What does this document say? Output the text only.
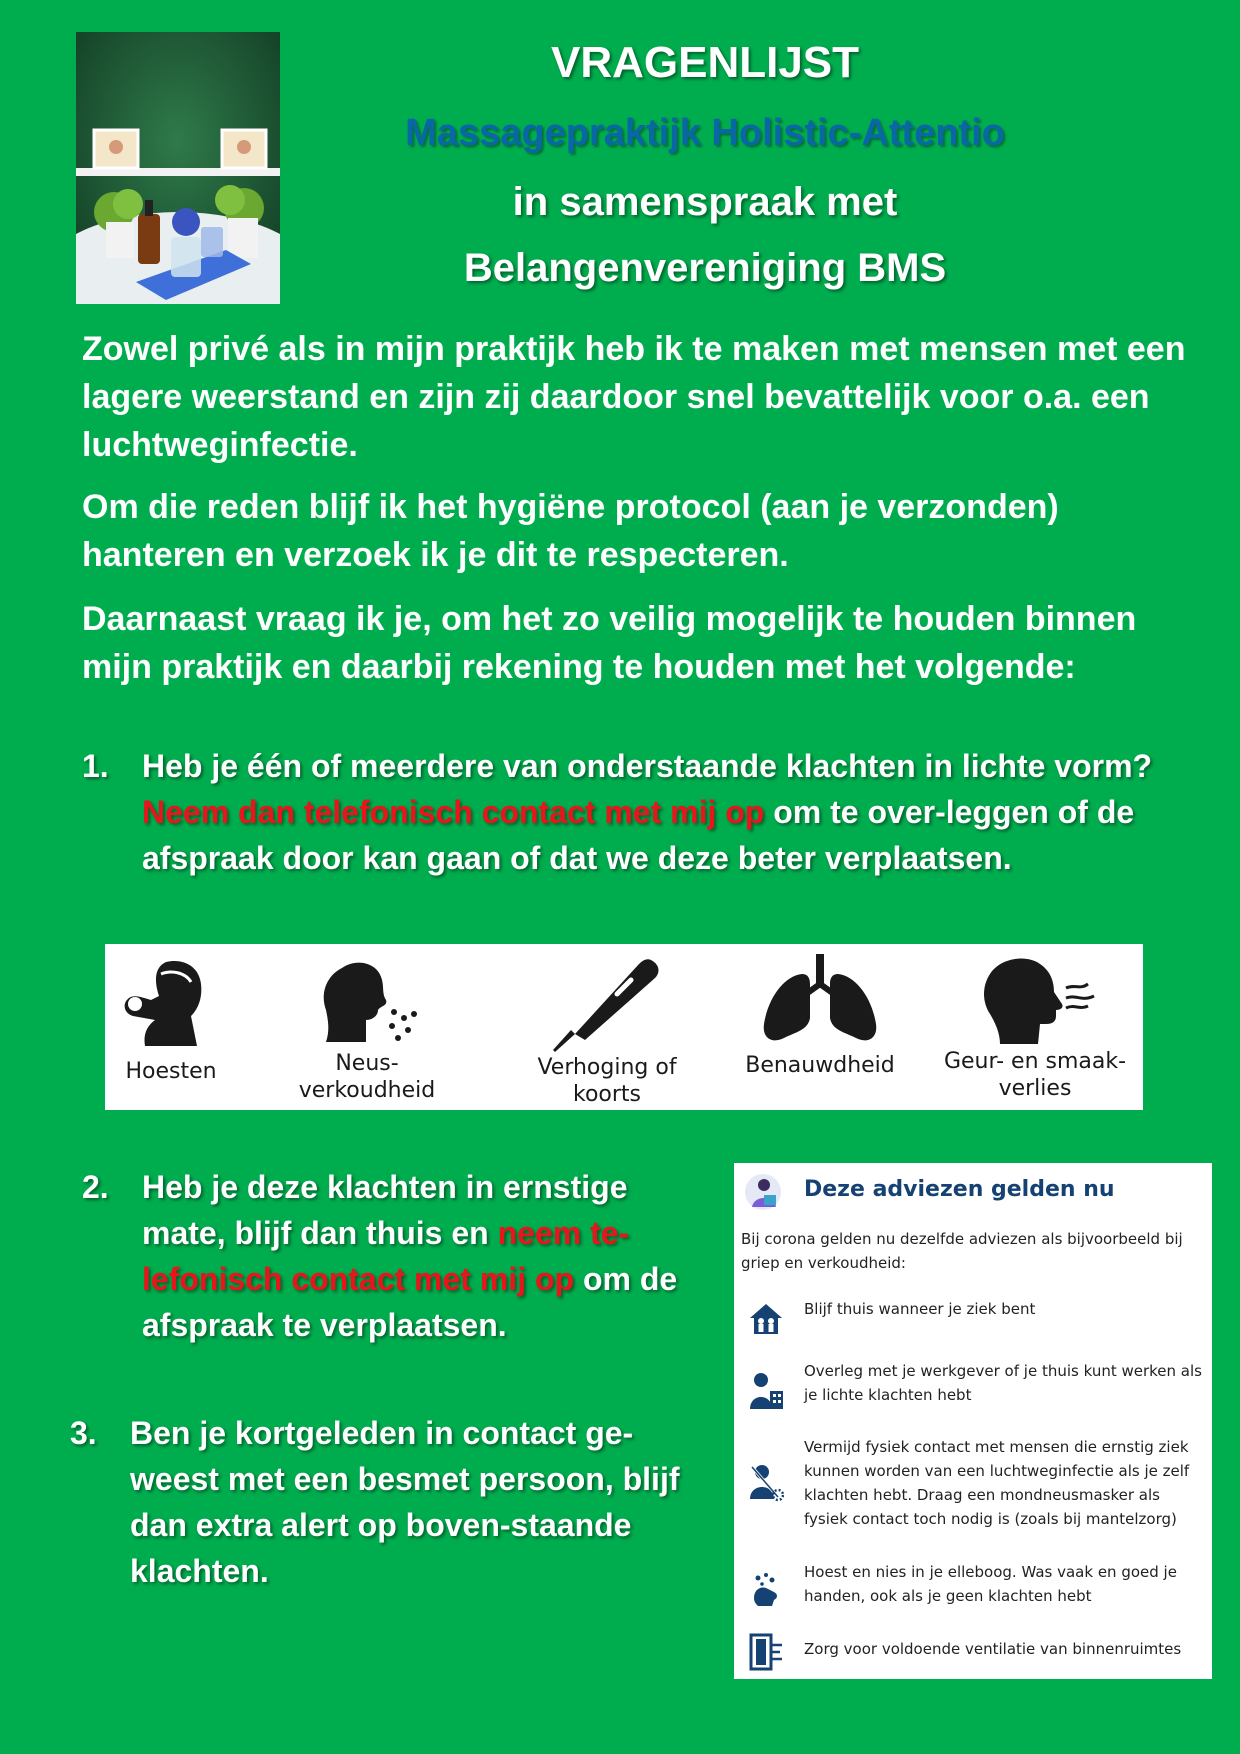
VRAGENLIJST
Massagepraktijk Holistic-Attentio
in samenspraak met
Belangenvereniging BMS
Zowel privé als in mijn praktijk heb ik te maken met mensen met een lagere weerstand en zijn zij daardoor snel bevattelijk voor o.a. een luchtweginfectie.
Om die reden blijf ik het hygiëne protocol (aan je verzonden) hanteren en verzoek ik je dit te respecteren.
Daarnaast vraag ik je, om het zo veilig mogelijk te houden binnen mijn praktijk en daarbij rekening te houden met het volgende:
1. Heb je één of meerdere van onderstaande klachten in lichte vorm? Neem dan telefonisch contact met mij op om te over-leggen of de afspraak door kan gaan of dat we deze beter verplaatsen.
Hoesten	Neus-
verkoudheid
Verhoging of
koorts
Benauwdheid	Geur- en smaak-
verlies
2. Heb je deze klachten in ernstige mate, blijf dan thuis en neem te-lefonisch contact met mij op om de afspraak te verplaatsen.
3. Ben je kortgeleden in contact ge-weest met een besmet persoon, blijf dan extra alert op boven-staande klachten.
Deze adviezen gelden nu
Bij corona gelden nu dezelfde adviezen als bijvoorbeeld bij griep en verkoudheid:
Blijf thuis wanneer je ziek bent
Overleg met je werkgever of je thuis kunt werken als je lichte klachten hebt
Vermijd fysiek contact met mensen die ernstig ziek kunnen worden van een luchtweginfectie als je zelf klachten hebt. Draag een mondneusmasker als fysiek contact toch nodig is (zoals bij mantelzorg)
Hoest en nies in je elleboog. Was vaak en goed je handen, ook als je geen klachten hebt
Zorg voor voldoende ventilatie van binnenruimtes
